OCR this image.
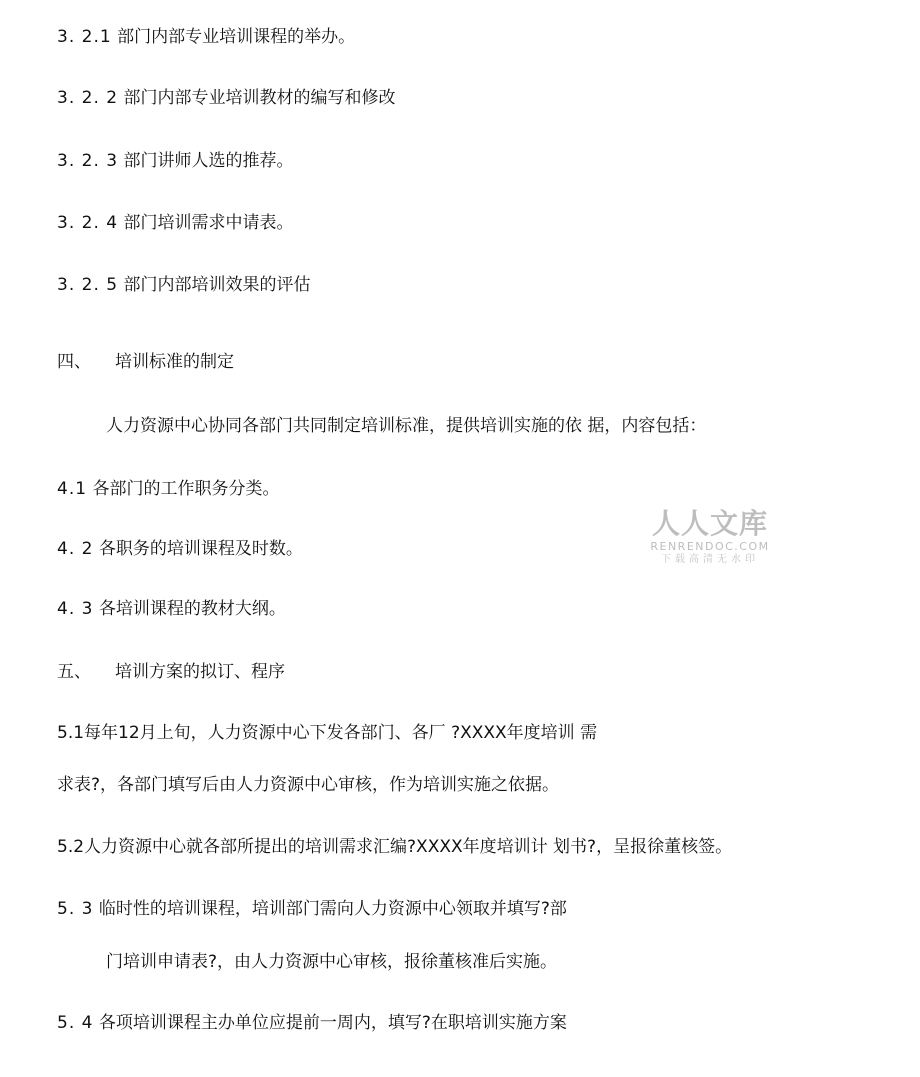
3. 2.1 部门内部专业培训课程的举办。
3. 2. 2 部门内部专业培训教材的编写和修改
3. 2. 3 部门讲师人选的推荐。
3. 2. 4 部门培训需求中请表。
3. 2. 5 部门内部培训效果的评估
四、 培训标准的制定
人力资源中心协同各部门共同制定培训标准，提供培训实施的依 据，内容包括：
4.1 各部门的工作职务分类。
4. 2 各职务的培训课程及时数。
4. 3 各培训课程的教材大纲。
五、 培训方案的拟订、程序
5.1每年12月上旬，人力资源中心下发各部门、各厂 ?XXXX年度培训 需
求表?，各部门填写后由人力资源中心审核，作为培训实施之依据。
5.2人力资源中心就各部所提出的培训需求汇编?XXXX年度培训计 划书?，呈报徐董核签。
5. 3 临时性的培训课程，培训部门需向人力资源中心领取并填写?部
门培训申请表?，由人力资源中心审核，报徐董核准后实施。
5. 4 各项培训课程主办单位应提前一周内，填写?在职培训实施方案
人人文库
RENRENDOC.COM
下载高清无水印
